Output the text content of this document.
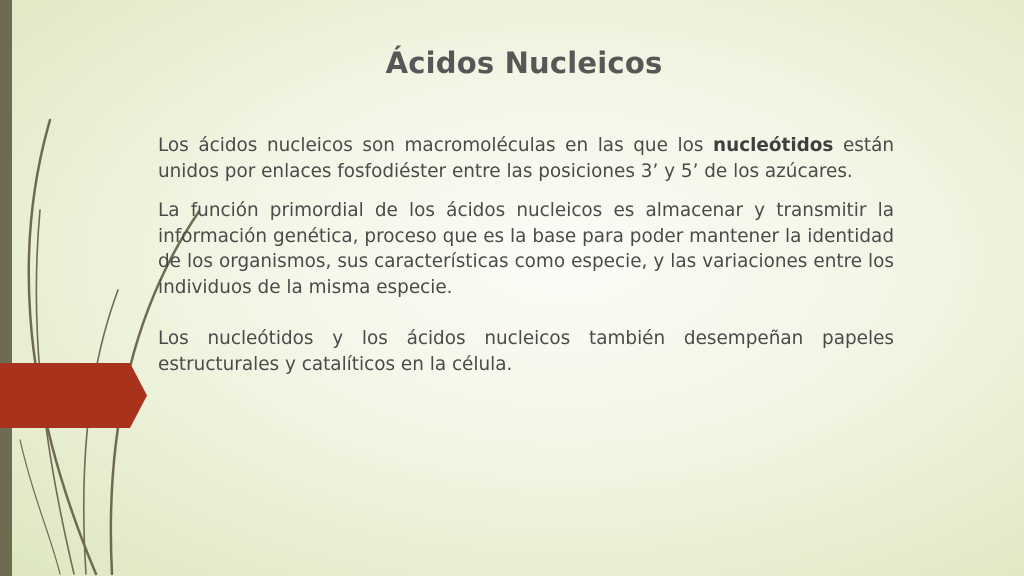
Ácidos Nucleicos

Los ácidos nucleicos son macromoléculas en las que los nucleótidos están unidos por enlaces fosfodiéster entre las posiciones 3’ y 5’ de los azúcares.

La función primordial de los ácidos nucleicos es almacenar y transmitir la información genética, proceso que es la base para poder mantener la identidad de los organismos, sus características como especie, y las variaciones entre los individuos de la misma especie.

Los nucleótidos y los ácidos nucleicos también desempeñan papeles estructurales y catalíticos en la célula.
